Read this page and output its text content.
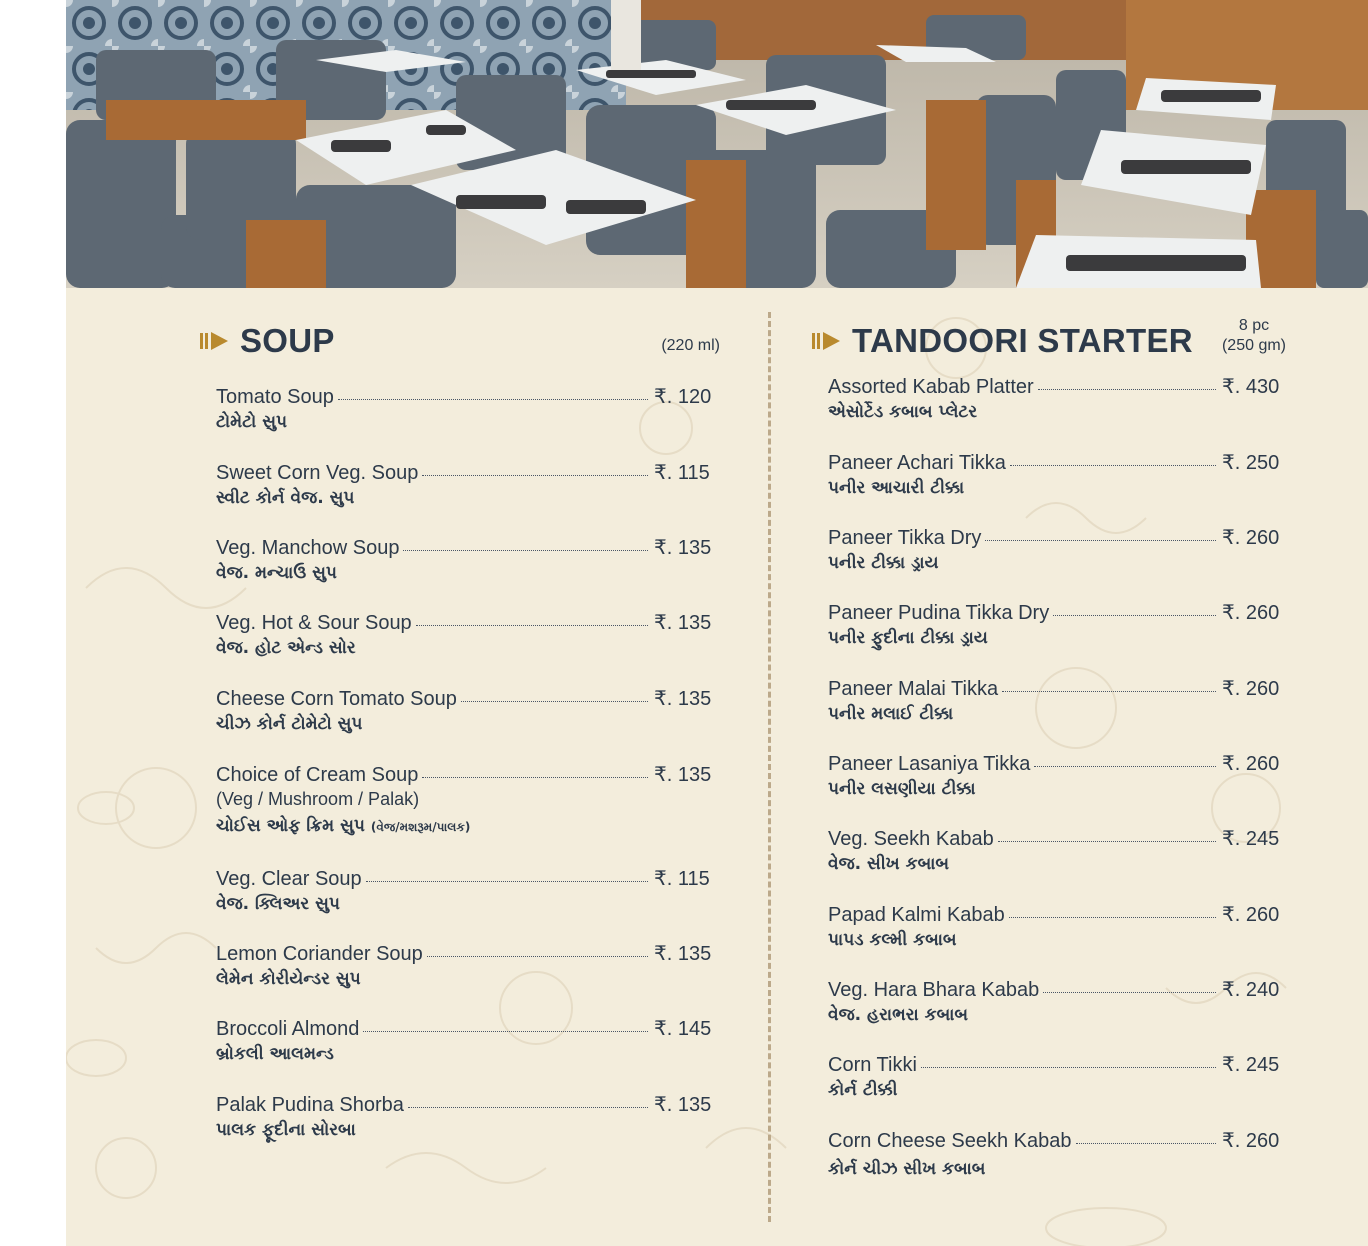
SOUP	(220 ml)
Tomato Soup	₹. 120
ટોમેટો સુપ
Sweet Corn Veg. Soup	₹. 115
સ્વીટ કોર્ન વેજ. સુપ
Veg. Manchow Soup	₹. 135
વેજ. મન્ચાઉ સુપ
Veg. Hot & Sour Soup	₹. 135
વેજ. હોટ એન્ડ સોર
Cheese Corn Tomato Soup	₹. 135
ચીઝ કોર્ન ટોમેટો સુપ
Choice of Cream Soup	₹. 135
(Veg / Mushroom / Palak)
ચોઈસ ઓફ ક્રિમ સુપ (વેજ/મશરૂમ/પાલક)
Veg. Clear Soup	₹. 115
વેજ. ક્લિઅર સુપ
Lemon Coriander Soup	₹. 135
લેમેન કોરીયેન્ડર સુપ
Broccoli Almond	₹. 145
બ્રોકલી આલમન્ડ
Palak Pudina Shorba	₹. 135
પાલક ફૂદીના સોરબા
TANDOORI STARTER	8 pc
(250 gm)
Assorted Kabab Platter	₹. 430
એસોર્ટેડ કબાબ પ્લેટર
Paneer Achari Tikka	₹. 250
પનીર આચારી ટીક્કા
Paneer Tikka Dry	₹. 260
પનીર ટીક્કા ડ્રાય
Paneer Pudina Tikka Dry	₹. 260
પનીર ફુદીના ટીક્કા ડ્રાય
Paneer Malai Tikka	₹. 260
પનીર મલાઈ ટીક્કા
Paneer Lasaniya Tikka	₹. 260
પનીર લસણીયા ટીક્કા
Veg. Seekh Kabab	₹. 245
વેજ. સીખ કબાબ
Papad Kalmi Kabab	₹. 260
પાપડ કલ્મી કબાબ
Veg. Hara Bhara Kabab	₹. 240
વેજ. હરાભરા કબાબ
Corn Tikki	₹. 245
કોર્ન ટીક્કી
Corn Cheese Seekh Kabab	₹. 260
કોર્ન ચીઝ સીખ કબાબ
